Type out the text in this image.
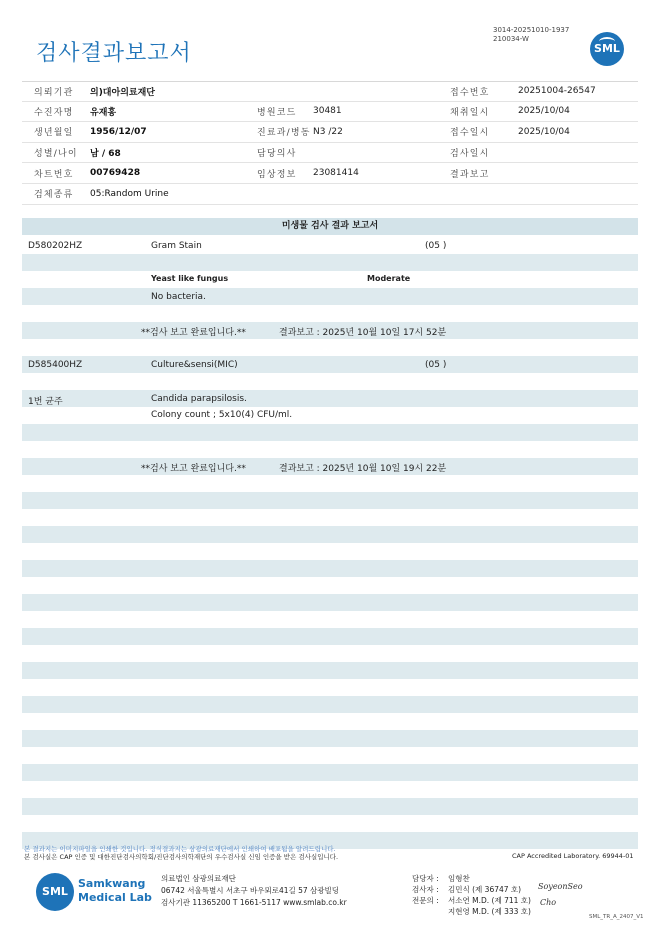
검사결과보고서
3014-20251010-1937
210034-W
SML
의뢰기관	의)대아의료재단	접수번호	20251004-26547
수진자명	유재홍	병원코드	30481	채취일시	2025/10/04
생년월일	1956/12/07	진료과/병동 N3 /22	접수일시	2025/10/04
성별/나이	남 / 68	담당의사	검사일시
차트번호	00769428	임상정보	23081414	결과보고
검체종류	05:Random Urine
미생물 검사 결과 보고서
D580202HZ	Gram Stain	(05 )
Yeast like fungus	Moderate
No bacteria.
**검사 보고 완료입니다.**	결과보고 : 2025년 10월 10일 17시 52분
D585400HZ	Culture&sensi(MIC)	(05 )
1번 균주	Candida parapsilosis.
Colony count ; 5x10(4) CFU/ml.
**검사 보고 완료입니다.**	결과보고 : 2025년 10월 10일 19시 22분
본 결과지는 이미지파일을 인쇄한 것입니다. 정식결과지는 삼광의료재단에서 인쇄하여 배포됨을 알려드립니다.
본 검사실은 CAP 인증 및 대한진단검사의학회/진단검사의학재단의 우수검사실 신임 인증을 받은 검사실입니다.	CAP Accredited Laboratory. 69944-01
SML
Samkwang
Medical Lab
의료법인 삼광의료재단
06742 서울특별시 서초구 바우뫼로41길 57 삼광빌딩
검사기관 11365200 T 1661-5117 www.smlab.co.kr
담당자 :	임형찬
검사자 :	김민식 (제 36747 호)
전문의 :	서소연 M.D. (제 711 호)
지현영 M.D. (제 333 호)
SoyeonSeo
Cho
SML_TR_A_2407_V1
